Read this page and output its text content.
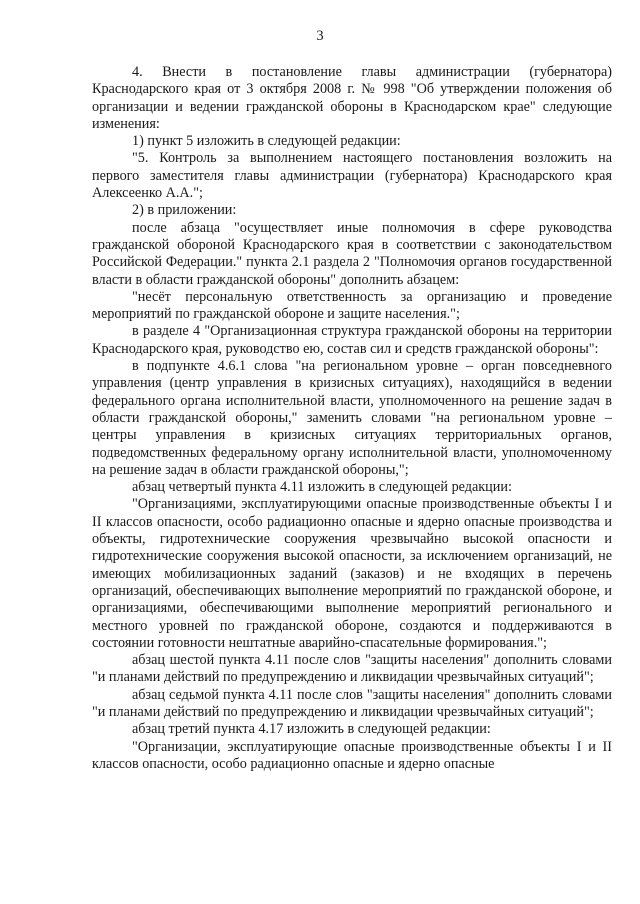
3

4. Внести в постановление главы администрации (губернатора) Краснодарского края от 3 октября 2008 г. № 998 "Об утверждении положения об организации и ведении гражданской обороны в Краснодарском крае" следующие изменения:

1) пункт 5 изложить в следующей редакции:

"5. Контроль за выполнением настоящего постановления возложить на первого заместителя главы администрации (губернатора) Краснодарского края Алексеенко А.А.";

2) в приложении:

после абзаца "осуществляет иные полномочия в сфере руководства гражданской обороной Краснодарского края в соответствии с законодательством Российской Федерации." пункта 2.1 раздела 2 "Полномочия органов государственной власти в области гражданской обороны" дополнить абзацем:

"несёт персональную ответственность за организацию и проведение мероприятий по гражданской обороне и защите населения.";

в разделе 4 "Организационная структура гражданской обороны на территории Краснодарского края, руководство ею, состав сил и средств гражданской обороны":

в подпункте 4.6.1 слова "на региональном уровне – орган повседневного управления (центр управления в кризисных ситуациях), находящийся в ведении федерального органа исполнительной власти, уполномоченного на решение задач в области гражданской обороны," заменить словами "на региональном уровне – центры управления в кризисных ситуациях территориальных органов, подведомственных федеральному органу исполнительной власти, уполномоченному на решение задач в области гражданской обороны,";

абзац четвертый пункта 4.11 изложить в следующей редакции:

"Организациями, эксплуатирующими опасные производственные объекты I и II классов опасности, особо радиационно опасные и ядерно опасные производства и объекты, гидротехнические сооружения чрезвычайно высокой опасности и гидротехнические сооружения высокой опасности, за исключением организаций, не имеющих мобилизационных заданий (заказов) и не входящих в перечень организаций, обеспечивающих выполнение мероприятий по гражданской обороне, и организациями, обеспечивающими выполнение мероприятий регионального и местного уровней по гражданской обороне, создаются и поддерживаются в состоянии готовности нештатные аварийно-спасательные формирования.";

абзац шестой пункта 4.11 после слов "защиты населения" дополнить словами "и планами действий по предупреждению и ликвидации чрезвычайных ситуаций";

абзац седьмой пункта 4.11 после слов "защиты населения" дополнить словами "и планами действий по предупреждению и ликвидации чрезвычайных ситуаций";

абзац третий пункта 4.17 изложить в следующей редакции:

"Организации, эксплуатирующие опасные производственные объекты I и II классов опасности, особо радиационно опасные и ядерно опасные
